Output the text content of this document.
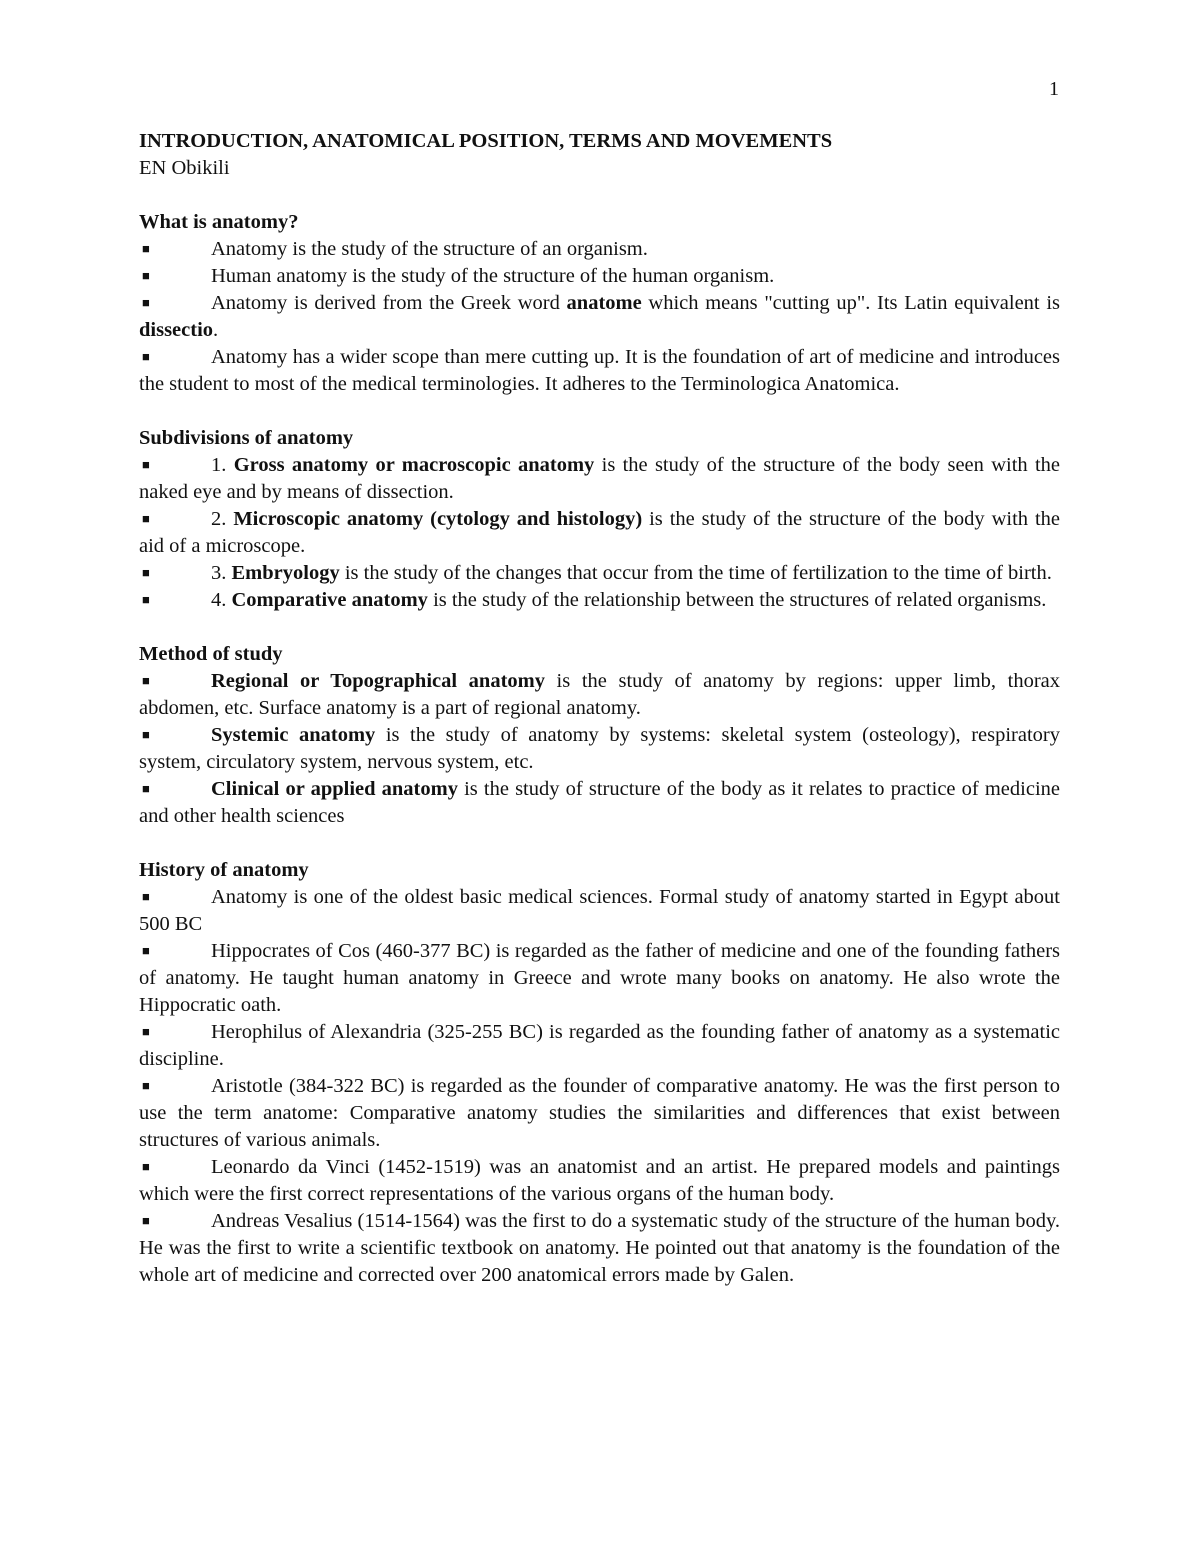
1
INTRODUCTION, ANATOMICAL POSITION, TERMS AND MOVEMENTS
EN Obikili
What is anatomy?
■Anatomy is the study of the structure of an organism.
■Human anatomy is the study of the structure of the human organism.
■Anatomy is derived from the Greek word anatome which means "cutting up". Its Latin equivalent is dissectio.
■Anatomy has a wider scope than mere cutting up. It is the foundation of art of medicine and introduces the student to most of the medical terminologies. It adheres to the Terminologica Anatomica.
Subdivisions of anatomy
■1. Gross anatomy or macroscopic anatomy is the study of the structure of the body seen with the naked eye and by means of dissection.
■2. Microscopic anatomy (cytology and histology) is the study of the structure of the body with the aid of a microscope.
■3. Embryology is the study of the changes that occur from the time of fertilization to the time of birth.
■4. Comparative anatomy is the study of the relationship between the structures of related organisms.
Method of study
■Regional or Topographical anatomy is the study of anatomy by regions: upper limb, thorax abdomen, etc. Surface anatomy is a part of regional anatomy.
■Systemic anatomy is the study of anatomy by systems: skeletal system (osteology), respiratory system, circulatory system, nervous system, etc.
■Clinical or applied anatomy is the study of structure of the body as it relates to practice of medicine and other health sciences
History of anatomy
■Anatomy is one of the oldest basic medical sciences. Formal study of anatomy started in Egypt about 500 BC
■Hippocrates of Cos (460-377 BC) is regarded as the father of medicine and one of the founding fathers of anatomy. He taught human anatomy in Greece and wrote many books on anatomy. He also wrote the Hippocratic oath.
■Herophilus of Alexandria (325-255 BC) is regarded as the founding father of anatomy as a systematic discipline.
■Aristotle (384-322 BC) is regarded as the founder of comparative anatomy. He was the first person to use the term anatome: Comparative anatomy studies the similarities and differences that exist between structures of various animals.
■Leonardo da Vinci (1452-1519) was an anatomist and an artist. He prepared models and paintings which were the first correct representations of the various organs of the human body.
■Andreas Vesalius (1514-1564) was the first to do a systematic study of the structure of the human body. He was the first to write a scientific textbook on anatomy. He pointed out that anatomy is the foundation of the whole art of medicine and corrected over 200 anatomical errors made by Galen.
